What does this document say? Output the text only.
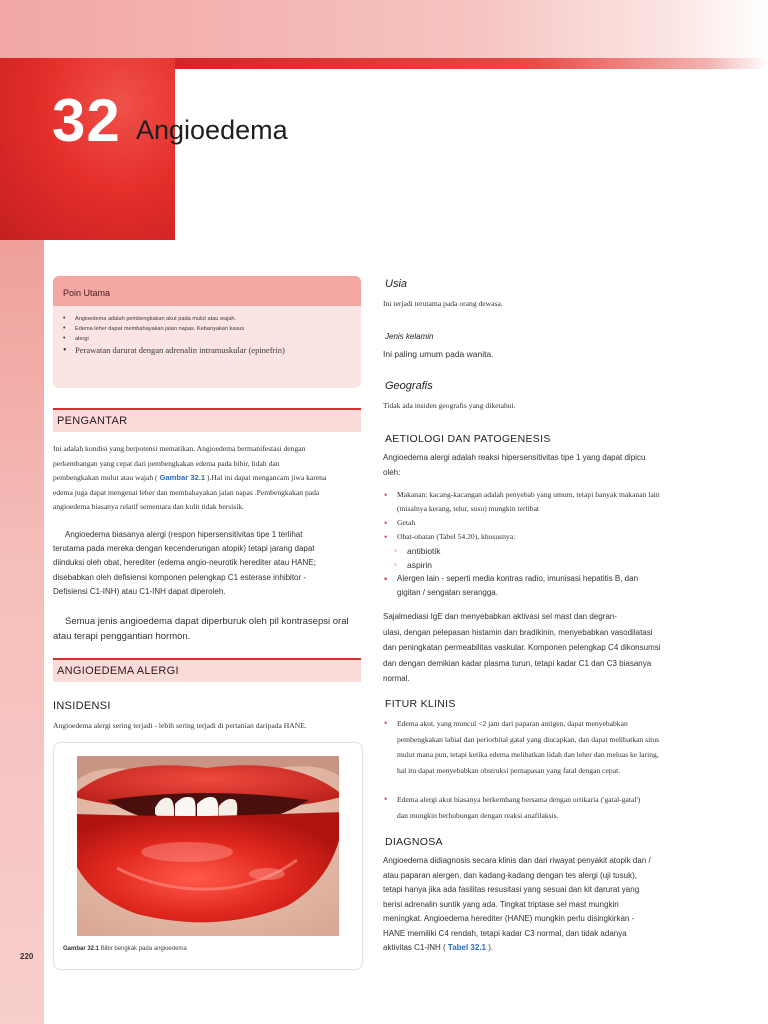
32 Angioedema
Poin Utama
• Angioedema adalah pembengkakan akut pada mulut atau wajah.
• Edema leher dapat membahayakan jalan napas. Kebanyakan kasus
• alergi
• Perawatan darurat dengan adrenalin intramuskular (epinefrin)
PENGANTAR
Ini adalah kondisi yang berpotensi mematikan. Angioedema bermanifestasi dengan
perkembangan yang cepat dari pembengkakan edema pada bibir, lidah dan
pembengkakan mulut atau wajah ( Gambar 32.1 ).Hal ini dapat mengancam jiwa karena
edema juga dapat mengenai leher dan membahayakan jalan napas .Pembengkakan pada
angioedema biasanya relatif sementara dan kulit tidak bersisik.
Angioedema biasanya alergi (respon hipersensitivitas tipe 1 terlihat
terutama pada mereka dengan kecenderungan atopik) tetapi jarang dapat
diinduksi oleh obat, herediter (edema angio-neurotik herediter atau HANE;
disebabkan oleh defisiensi komponen pelengkap C1 esterase inhibitor -
Defisiensi C1-INH) atau C1-INH dapat diperoleh.
Semua jenis angioedema dapat diperburuk oleh pil kontrasepsi oral
atau terapi penggantian hormon.
ANGIOEDEMA ALERGI
INSIDENSI
Angioedema alergi sering terjadi - lebih sering terjadi di pertanian daripada HANE.
Gambar 32.1 Bibir bengkak pada angioedema
220
Usia
Ini terjadi terutama pada orang dewasa.
Jenis kelamin
Ini paling umum pada wanita.
Geografis
Tidak ada insiden geografis yang diketahui.
AETIOLOGI DAN PATOGENESIS
Angioedema alergi adalah reaksi hipersensitivitas tipe 1 yang dapat dipicu
oleh:
• Makanan: kacang-kacangan adalah penyebab yang umum, tetapi banyak makanan lain
(misalnya kerang, telur, susu) mungkin terlibat
• Getah
• Obat-obatan (Tabel 54.20), khususnya:
◦ antibiotik
◦ aspirin
• Alergen lain - seperti media kontras radio, imunisasi hepatitis B, dan
gigitan / sengatan serangga.
Sajalmediasi IgE dan menyebabkan aktivasi sel mast dan degran-
ulasi, dengan pelepasan histamin dan bradikinin, menyebabkan vasodilatasi
dan peningkatan permeabilitas vaskular. Komponen pelengkap C4 dikonsumsi
dan dengan demikian kadar plasma turun, tetapi kadar C1 dan C3 biasanya
normal.
FITUR KLINIS
• Edema akut, yang muncul <2 jam dari paparan antigen, dapat menyebabkan
pembengkakan labial dan periorbital gatal yang diucapkan, dan dapat melibatkan situs
mulut mana pun, tetapi ketika edema melibatkan lidah dan leher dan meluas ke laring,
hal itu dapat menyebabkan obstruksi pernapasan yang fatal dengan cepat.
• Edema alergi akut biasanya berkembang bersama dengan urtikaria ('gatal-gatal')
dan mungkin berhubungan dengan reaksi anafilaksis.
DIAGNOSA
Angioedema didiagnosis secara klinis dan dari riwayat penyakit atopik dan /
atau paparan alergen, dan kadang-kadang dengan tes alergi (uji tusuk),
tetapi hanya jika ada fasilitas resusitasi yang sesuai dan kit darurat yang
berisi adrenalin suntik yang ada. Tingkat triptase sel mast mungkin
meningkat. Angioedema herediter (HANE) mungkin perlu disingkirkan -
HANE memiliki C4 rendah, tetapi kadar C3 normal, dan tidak adanya
aktivitas C1-INH ( Tabel 32.1 ).
